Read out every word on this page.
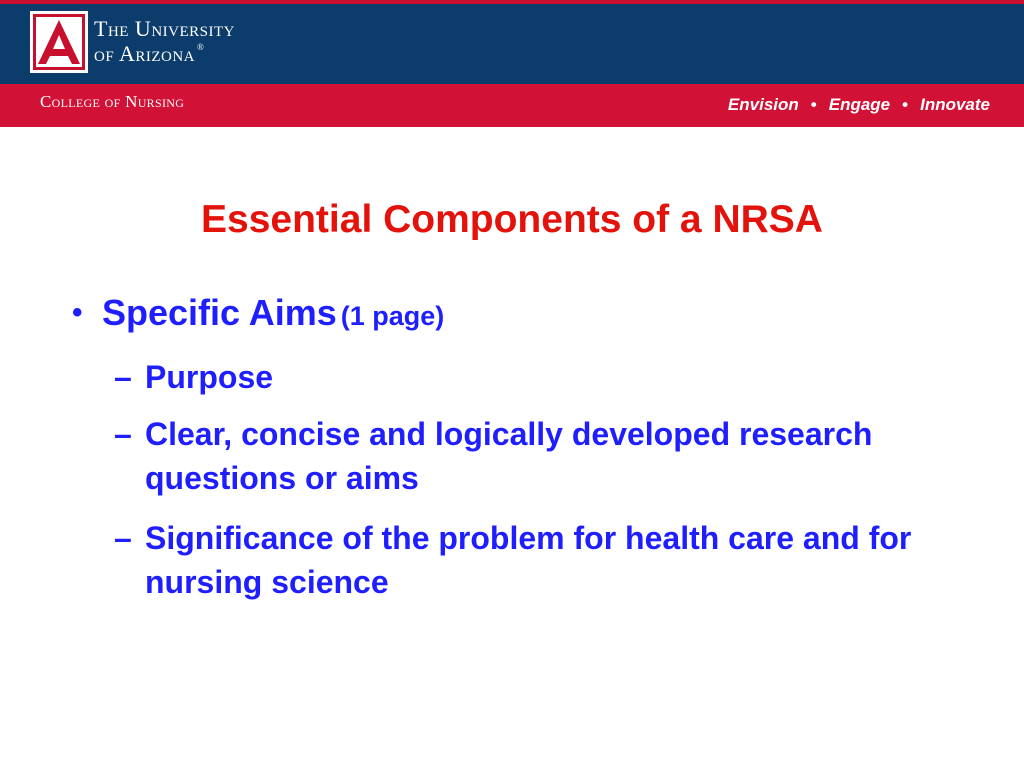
The University
of Arizona ®
College of Nursing	Envision • Engage • Innovate
Essential Components of a NRSA
• Specific Aims (1 page)
– Purpose
– Clear, concise and logically developed research questions or aims
– Significance of the problem for health care and for nursing science
